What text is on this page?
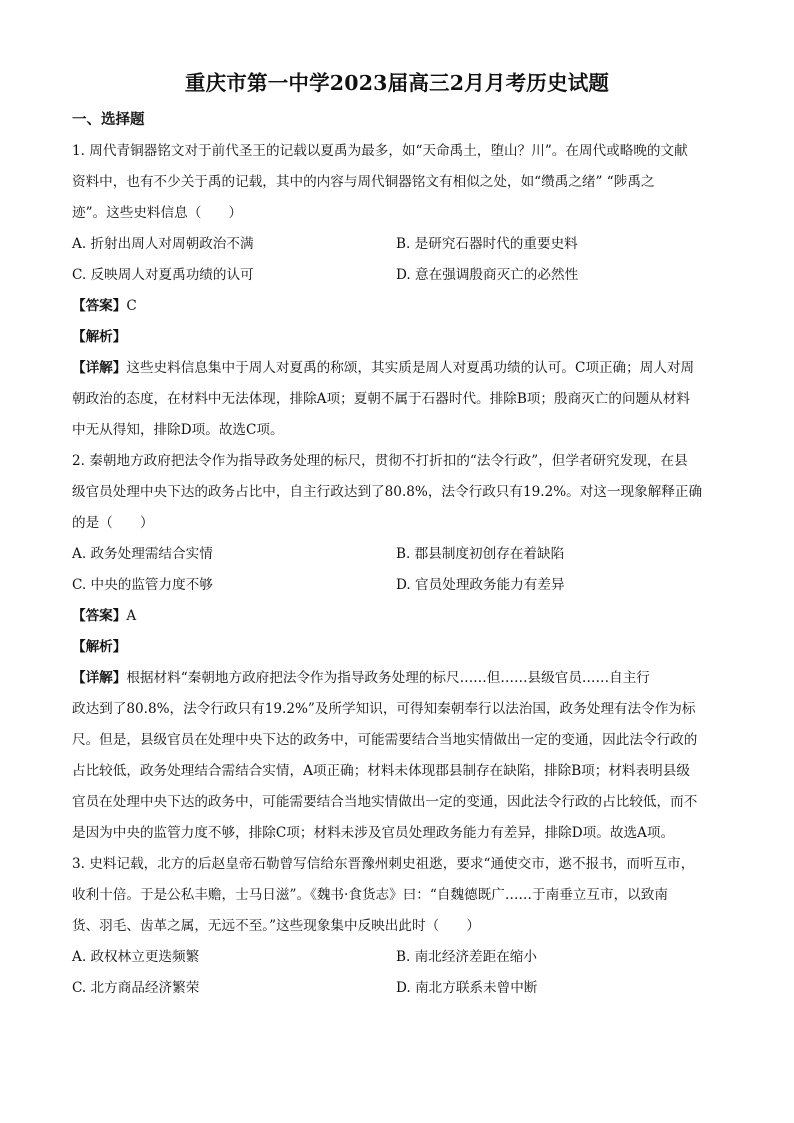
重庆市第一中学2023届高三2月月考历史试题
一、选择题

1. 周代青铜器铭文对于前代圣王的记载以夏禹为最多，如“天命禹土，堕山？川”。在周代或略晚的文献

资料中，也有不少关于禹的记载，其中的内容与周代铜器铭文有相似之处，如“缵禹之绪” “陟禹之

迹”。这些史料信息（　　）

A. 折射出周人对周朝政治不满	B. 是研究石器时代的重要史料
C. 反映周人对夏禹功绩的认可	D. 意在强调殷商灭亡的必然性

【答案】C

【解析】

【详解】这些史料信息集中于周人对夏禹的称颂，其实质是周人对夏禹功绩的认可。C项正确；周人对周

朝政治的态度，在材料中无法体现，排除A项；夏朝不属于石器时代。排除B项；殷商灭亡的问题从材料

中无从得知，排除D项。故选C项。

2. 秦朝地方政府把法令作为指导政务处理的标尺，贯彻不打折扣的“法令行政”，但学者研究发现，在县

级官员处理中央下达的政务占比中，自主行政达到了80.8%，法令行政只有19.2%。对这一现象解释正确

的是（　　）

A. 政务处理需结合实情	B. 郡县制度初创存在着缺陷
C. 中央的监管力度不够	D. 官员处理政务能力有差异

【答案】A

【解析】

【详解】根据材料“秦朝地方政府把法令作为指导政务处理的标尺……但……县级官员……自主行

政达到了80.8%，法令行政只有19.2%”及所学知识，可得知秦朝奉行以法治国，政务处理有法令作为标

尺。但是，县级官员在处理中央下达的政务中，可能需要结合当地实情做出一定的变通，因此法令行政的

占比较低，政务处理结合需结合实情，A项正确；材料未体现郡县制存在缺陷，排除B项；材料表明县级

官员在处理中央下达的政务中，可能需要结合当地实情做出一定的变通，因此法令行政的占比较低，而不

是因为中央的监管力度不够，排除C项；材料未涉及官员处理政务能力有差异，排除D项。故选A项。

3. 史料记载，北方的后赵皇帝石勒曾写信给东晋豫州刺史祖逖，要求“通使交市，逖不报书，而听互市，

收利十倍。于是公私丰赡，士马日滋”。《魏书·食货志》曰：“自魏德既广……于南垂立互市，以致南

货、羽毛、齿革之属，无远不至。”这些现象集中反映出此时（　　）

A. 政权林立更迭频繁	B. 南北经济差距在缩小
C. 北方商品经济繁荣	D. 南北方联系未曾中断
